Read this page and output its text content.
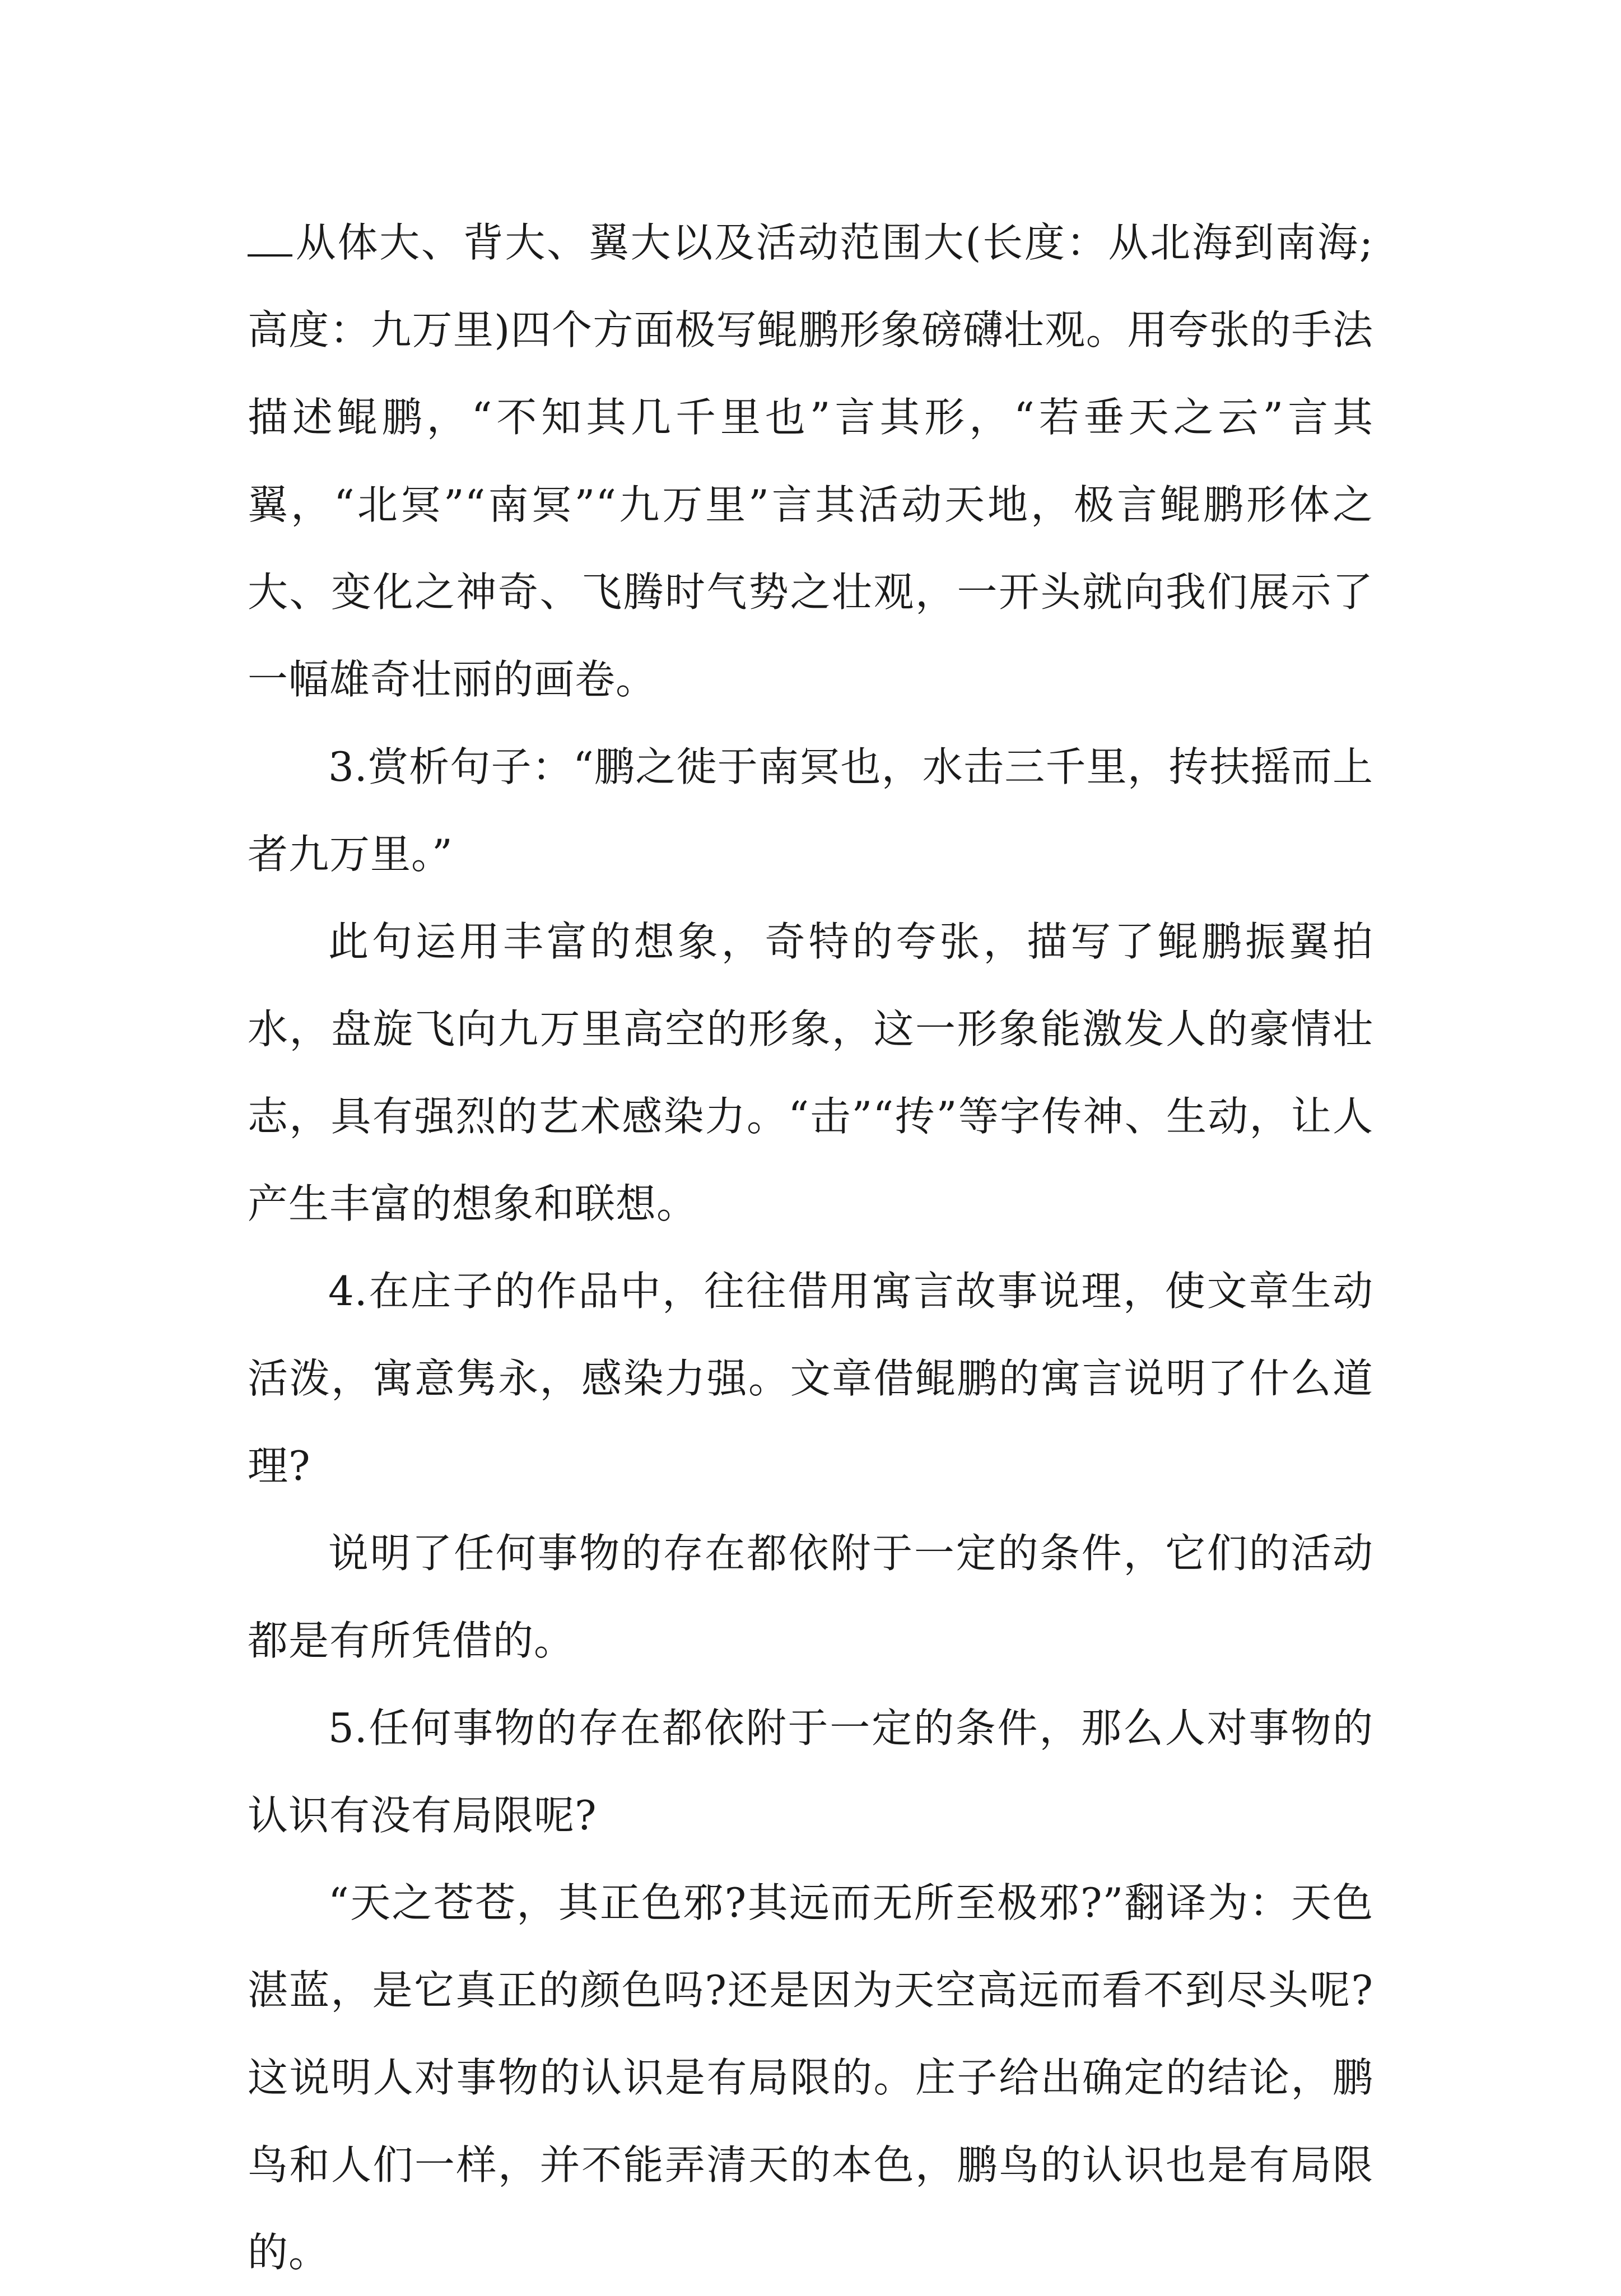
从体大、背大、翼大以及活动范围大(长度：从北海到南海;高度：九万里)四个方面极写鲲鹏形象磅礴壮观。用夸张的手法描述鲲鹏，“不知其几千里也”言其形，“若垂天之云”言其翼，“北冥”“南冥”“九万里”言其活动天地，极言鲲鹏形体之大、变化之神奇、飞腾时气势之壮观，一开头就向我们展示了一幅雄奇壮丽的画卷。

3.赏析句子：“鹏之徙于南冥也，水击三千里，抟扶摇而上者九万里。”

此句运用丰富的想象，奇特的夸张，描写了鲲鹏振翼拍水，盘旋飞向九万里高空的形象，这一形象能激发人的豪情壮志，具有强烈的艺术感染力。“击”“抟”等字传神、生动，让人产生丰富的想象和联想。

4.在庄子的作品中，往往借用寓言故事说理，使文章生动活泼，寓意隽永，感染力强。文章借鲲鹏的寓言说明了什么道理?

说明了任何事物的存在都依附于一定的条件，它们的活动都是有所凭借的。

5.任何事物的存在都依附于一定的条件，那么人对事物的认识有没有局限呢?

“天之苍苍，其正色邪?其远而无所至极邪?”翻译为：天色湛蓝，是它真正的颜色吗?还是因为天空高远而看不到尽头呢?这说明人对事物的认识是有局限的。庄子给出确定的结论，鹏鸟和人们一样，并不能弄清天的本色，鹏鸟的认识也是有局限的。
